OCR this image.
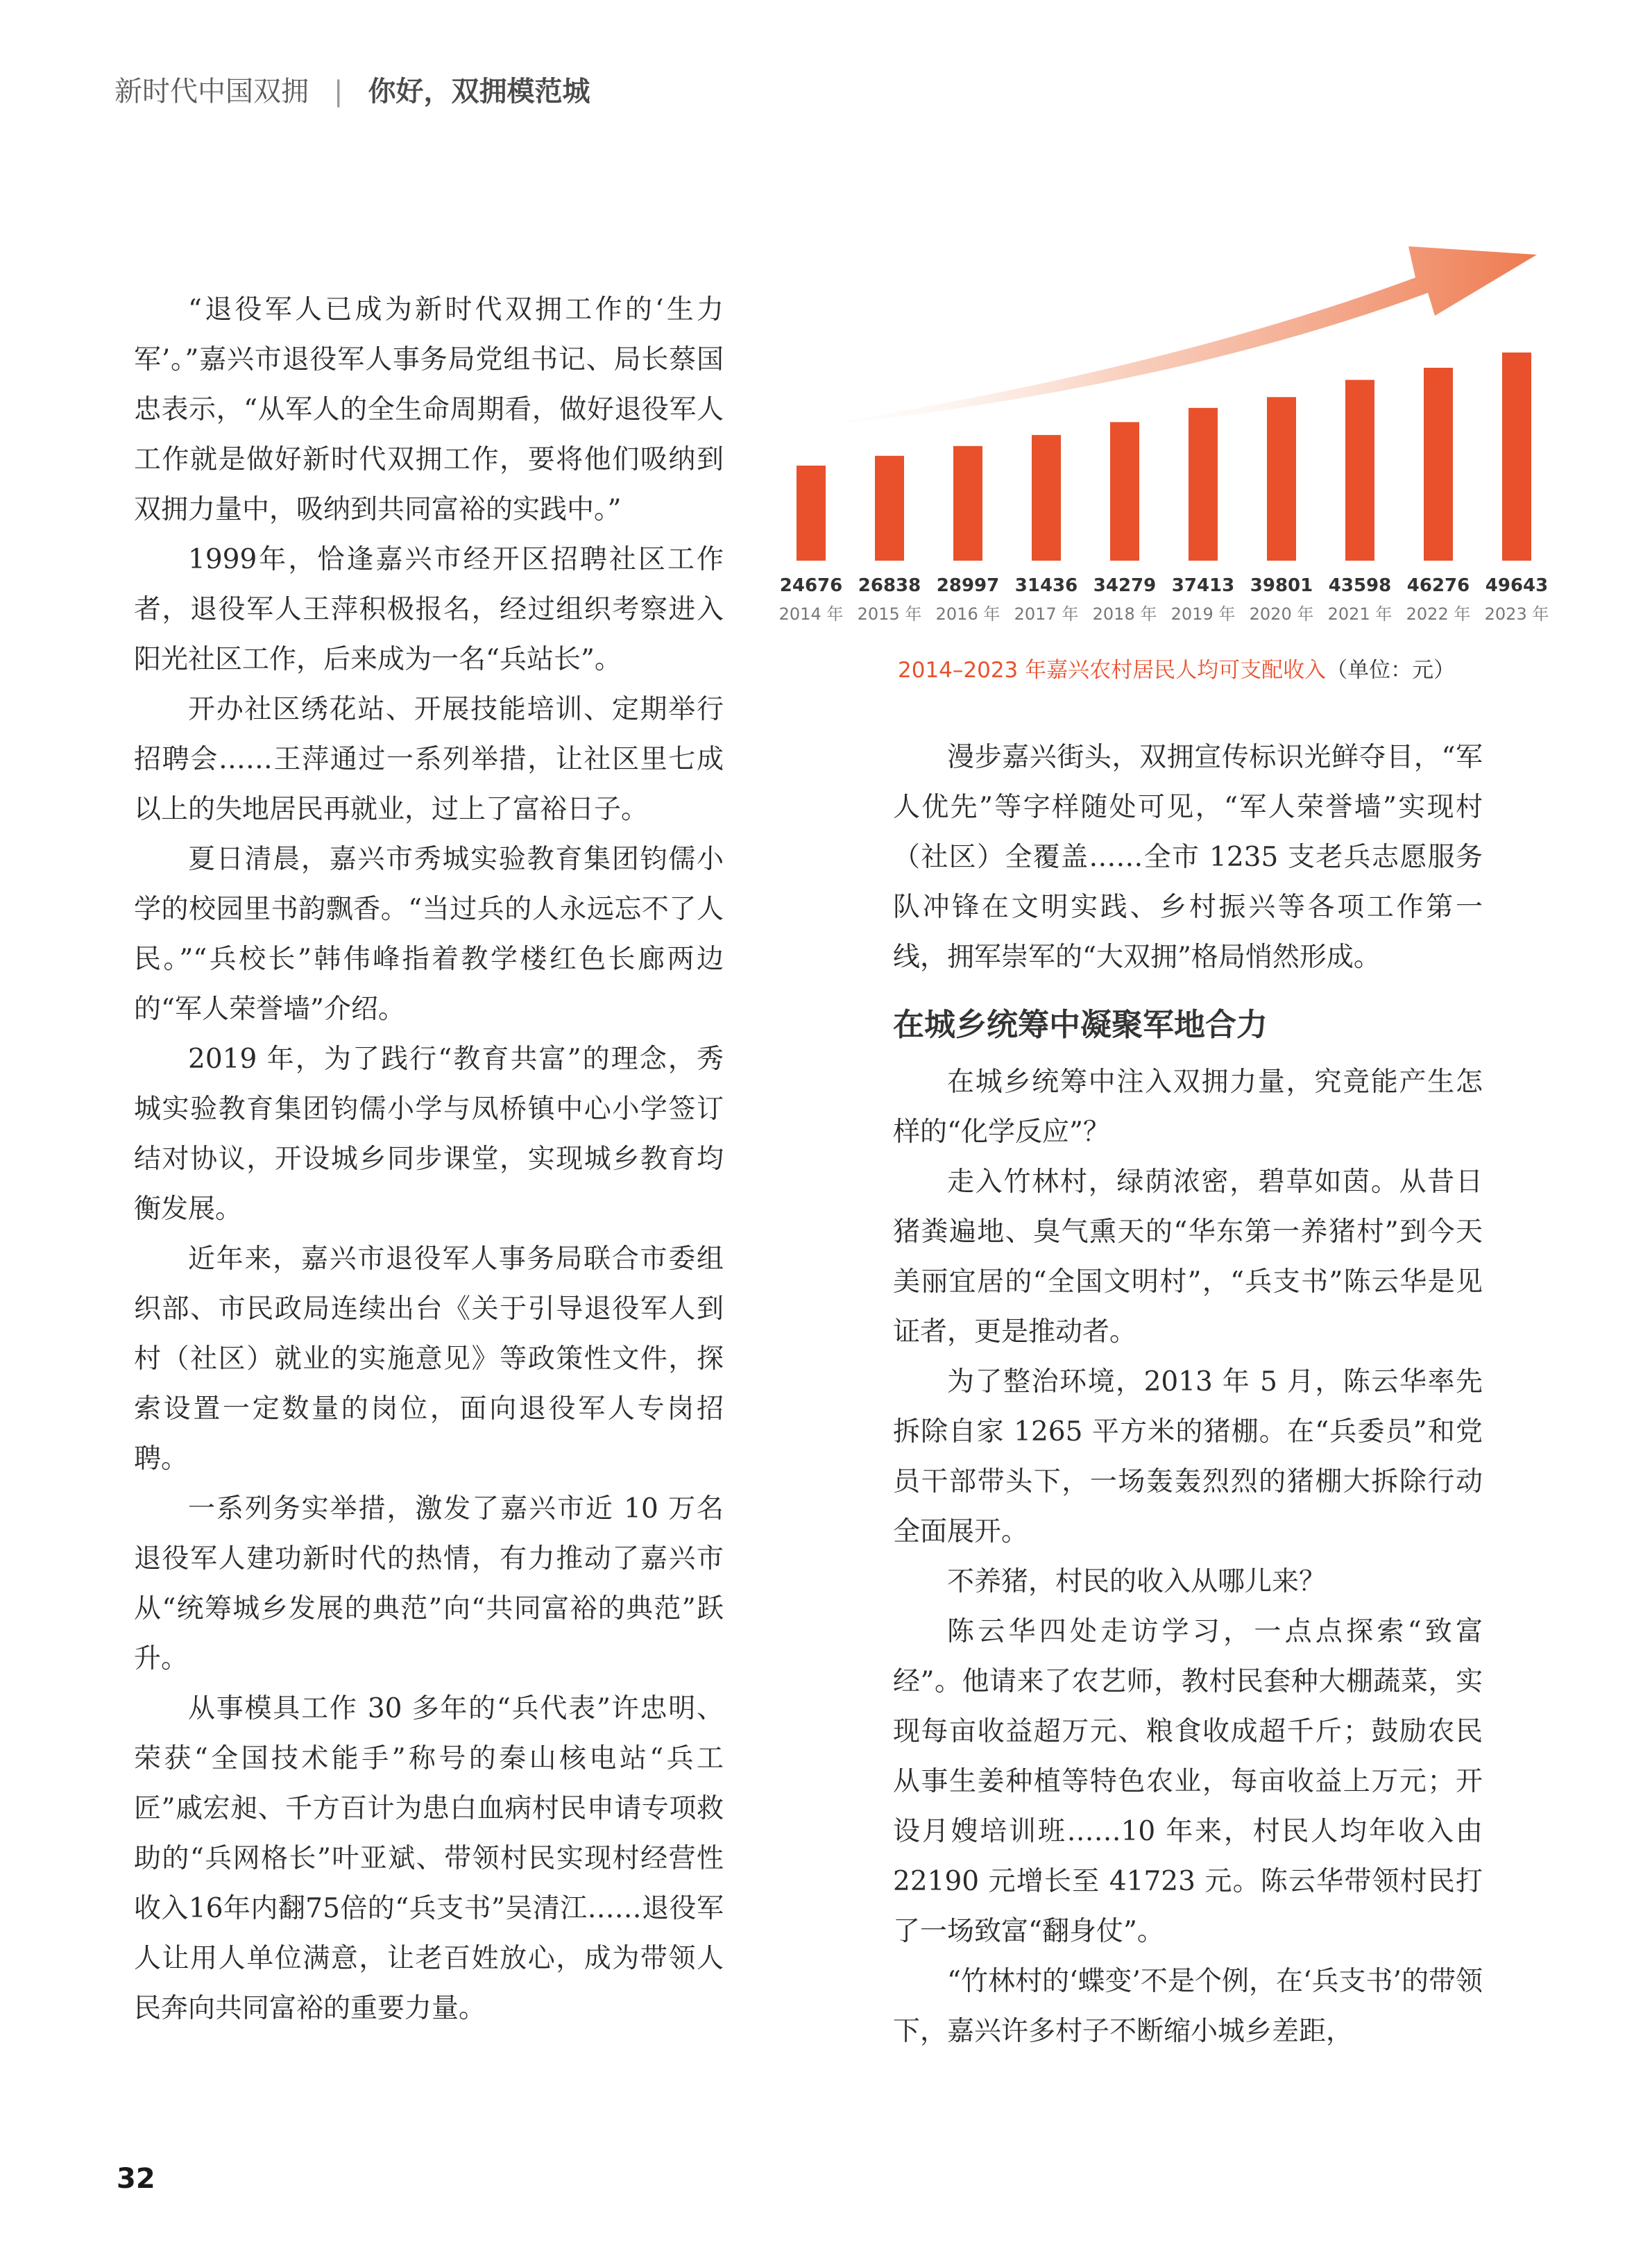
新时代中国双拥 | 你好，双拥模范城

“退役军人已成为新时代双拥工作的‘生力军’。”嘉兴市退役军人事务局党组书记、局长蔡国忠表示，“从军人的全生命周期看，做好退役军人工作就是做好新时代双拥工作，要将他们吸纳到双拥力量中，吸纳到共同富裕的实践中。”

1999年，恰逢嘉兴市经开区招聘社区工作者，退役军人王萍积极报名，经过组织考察进入阳光社区工作，后来成为一名“兵站长”。

开办社区绣花站、开展技能培训、定期举行招聘会……王萍通过一系列举措，让社区里七成以上的失地居民再就业，过上了富裕日子。

夏日清晨，嘉兴市秀城实验教育集团钧儒小学的校园里书韵飘香。“当过兵的人永远忘不了人民。”“兵校长”韩伟峰指着教学楼红色长廊两边的“军人荣誉墙”介绍。

2019 年，为了践行“教育共富”的理念，秀城实验教育集团钧儒小学与凤桥镇中心小学签订结对协议，开设城乡同步课堂，实现城乡教育均衡发展。

近年来，嘉兴市退役军人事务局联合市委组织部、市民政局连续出台《关于引导退役军人到村（社区）就业的实施意见》等政策性文件，探索设置一定数量的岗位，面向退役军人专岗招聘。

一系列务实举措，激发了嘉兴市近 10 万名退役军人建功新时代的热情，有力推动了嘉兴市从“统筹城乡发展的典范”向“共同富裕的典范”跃升。

从事模具工作 30 多年的“兵代表”许忠明、荣获“全国技术能手”称号的秦山核电站“兵工匠”戚宏昶、千方百计为患白血病村民申请专项救助的“兵网格长”叶亚斌、带领村民实现村经营性收入16年内翻75倍的“兵支书”吴清江……退役军人让用人单位满意，让老百姓放心，成为带领人民奔向共同富裕的重要力量。

24676 26838 28997 31436 34279 37413 39801 43598 46276 49643
2014 年 2015 年 2016 年 2017 年 2018 年 2019 年 2020 年 2021 年 2022 年 2023 年
2014–2023 年嘉兴农村居民人均可支配收入（单位：元）

漫步嘉兴街头，双拥宣传标识光鲜夺目，“军人优先”等字样随处可见，“军人荣誉墙”实现村（社区）全覆盖……全市 1235 支老兵志愿服务队冲锋在文明实践、乡村振兴等各项工作第一线，拥军崇军的“大双拥”格局悄然形成。

在城乡统筹中凝聚军地合力

在城乡统筹中注入双拥力量，究竟能产生怎样的“化学反应”？

走入竹林村，绿荫浓密，碧草如茵。从昔日猪粪遍地、臭气熏天的“华东第一养猪村”到今天美丽宜居的“全国文明村”，“兵支书”陈云华是见证者，更是推动者。

为了整治环境，2013 年 5 月，陈云华率先拆除自家 1265 平方米的猪棚。在“兵委员”和党员干部带头下，一场轰轰烈烈的猪棚大拆除行动全面展开。

不养猪，村民的收入从哪儿来？

陈云华四处走访学习，一点点探索“致富经”。他请来了农艺师，教村民套种大棚蔬菜，实现每亩收益超万元、粮食收成超千斤；鼓励农民从事生姜种植等特色农业，每亩收益上万元；开设月嫂培训班……10 年来，村民人均年收入由 22190 元增长至 41723 元。陈云华带领村民打了一场致富“翻身仗”。

“竹林村的‘蝶变’不是个例，在‘兵支书’的带领下，嘉兴许多村子不断缩小城乡差距，

32
